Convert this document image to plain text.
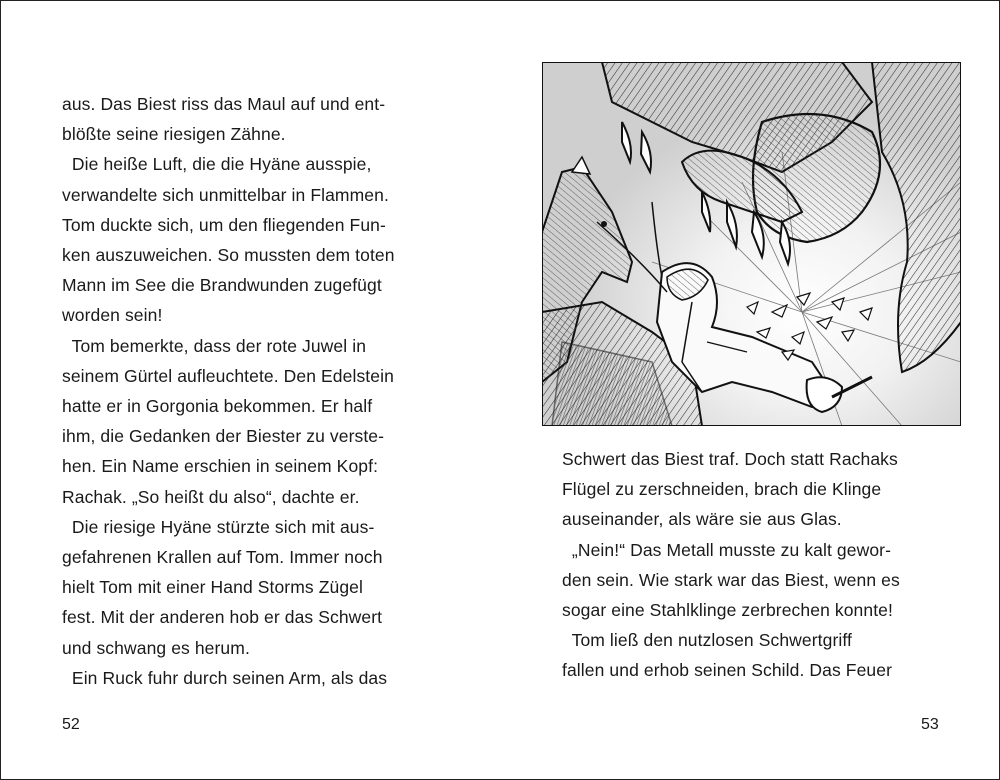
aus. Das Biest riss das Maul auf und ent-
blößte seine riesigen Zähne.
Die heiße Luft, die die Hyäne ausspie,
verwandelte sich unmittelbar in Flammen.
Tom duckte sich, um den fliegenden Fun-
ken auszuweichen. So mussten dem toten
Mann im See die Brandwunden zugefügt
worden sein!
Tom bemerkte, dass der rote Juwel in
seinem Gürtel aufleuchtete. Den Edelstein
hatte er in Gorgonia bekommen. Er half
ihm, die Gedanken der Biester zu verste-
hen. Ein Name erschien in seinem Kopf:
Rachak. „So heißt du also“, dachte er.
Die riesige Hyäne stürzte sich mit aus-
gefahrenen Krallen auf Tom. Immer noch
hielt Tom mit einer Hand Storms Zügel
fest. Mit der anderen hob er das Schwert
und schwang es herum.
Ein Ruck fuhr durch seinen Arm, als das
52
Schwert das Biest traf. Doch statt Rachaks
Flügel zu zerschneiden, brach die Klinge
auseinander, als wäre sie aus Glas.
„Nein!“ Das Metall musste zu kalt gewor-
den sein. Wie stark war das Biest, wenn es
sogar eine Stahlklinge zerbrechen konnte!
Tom ließ den nutzlosen Schwertgriff
fallen und erhob seinen Schild. Das Feuer
53
